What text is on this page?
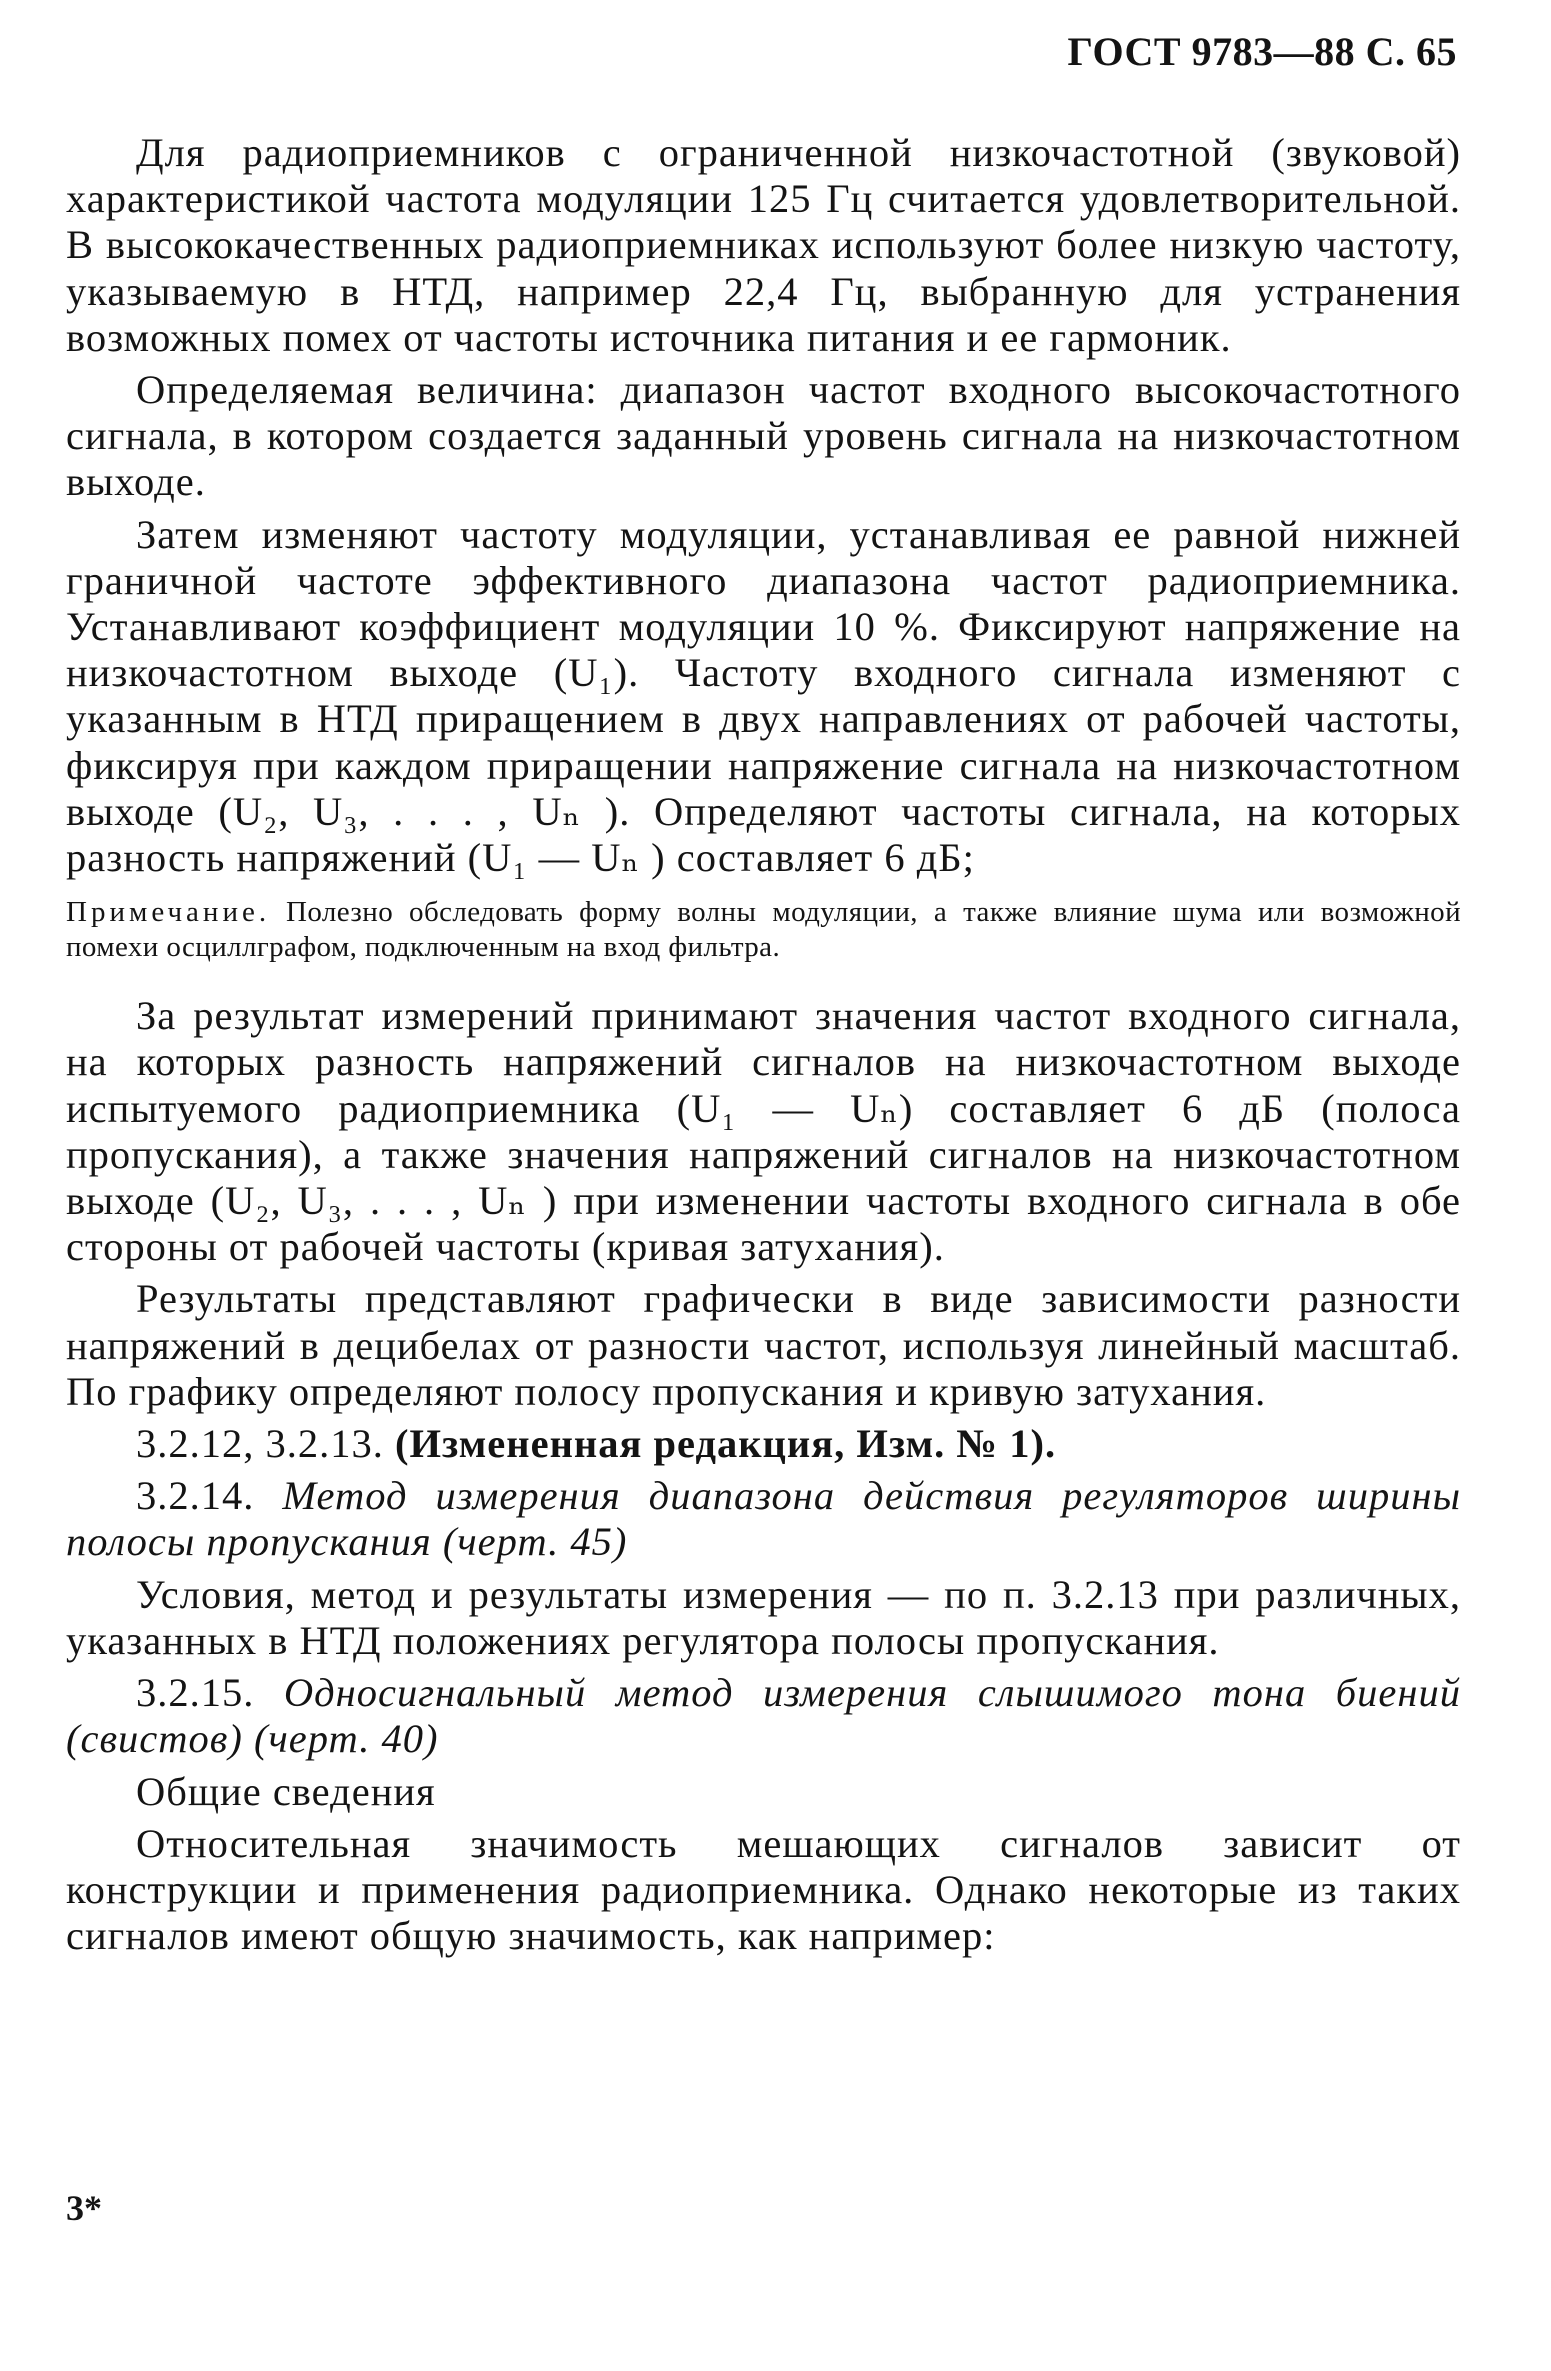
ГОСТ 9783—88 С. 65

Для радиоприемников с ограниченной низкочастотной (звуковой) характеристикой частота модуляции 125 Гц считается удовлетворительной. В высококачественных радиоприемниках используют более низкую частоту, указываемую в НТД, например 22,4 Гц, выбранную для устранения возможных помех от частоты источника питания и ее гармоник.

Определяемая величина: диапазон частот входного высокочастотного сигнала, в котором создается заданный уровень сигнала на низкочастотном выходе.

Затем изменяют частоту модуляции, устанавливая ее равной нижней граничной частоте эффективного диапазона частот радиоприемника. Устанавливают коэффициент модуляции 10 %. Фиксируют напряжение на низкочастотном выходе (U₁). Частоту входного сигнала изменяют с указанным в НТД приращением в двух направлениях от рабочей частоты, фиксируя при каждом приращении напряжение сигнала на низкочастотном выходе (U₂, U₃, . . . , Uₙ ). Определяют частоты сигнала, на которых разность напряжений (U₁ — Uₙ ) составляет 6 дБ;

Примечание. Полезно обследовать форму волны модуляции, а также влияние шума или возможной помехи осциллграфом, подключенным на вход фильтра.

За результат измерений принимают значения частот входного сигнала, на которых разность напряжений сигналов на низкочастотном выходе испытуемого радиоприемника (U₁ — Uₙ) составляет 6 дБ (полоса пропускания), а также значения напряжений сигналов на низкочастотном выходе (U₂, U₃, . . . , Uₙ ) при изменении частоты входного сигнала в обе стороны от рабочей частоты (кривая затухания).

Результаты представляют графически в виде зависимости разности напряжений в децибелах от разности частот, используя линейный масштаб. По графику определяют полосу пропускания и кривую затухания.

3.2.12, 3.2.13. (Измененная редакция, Изм. № 1).

3.2.14. Метод измерения диапазона действия регуляторов ширины полосы пропускания (черт. 45)

Условия, метод и результаты измерения — по п. 3.2.13 при различных, указанных в НТД положениях регулятора полосы пропускания.

3.2.15. Односигнальный метод измерения слышимого тона биений (свистов) (черт. 40)

Общие сведения

Относительная значимость мешающих сигналов зависит от конструкции и применения радиоприемника. Однако некоторые из таких сигналов имеют общую значимость, как например:

3*
